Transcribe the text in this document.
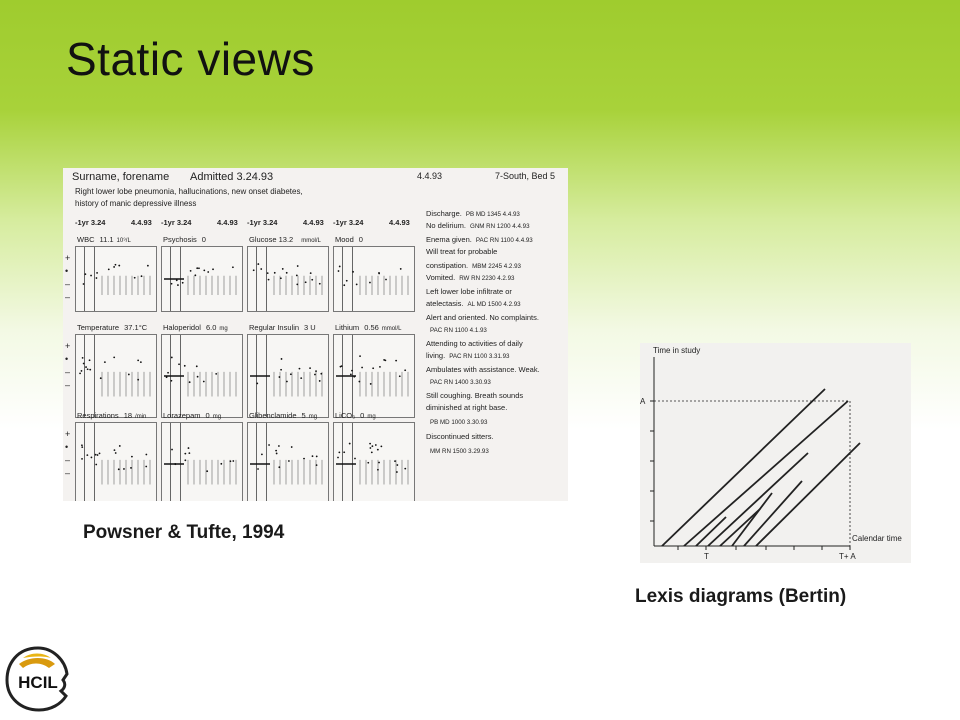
Static views
Surname, forename Admitted 3.24.93	4.4.93	7-South, Bed 5
Right lower lobe pneumonia, hallucinations, new onset diabetes,
history of manic depressive illness
-1yr 3.24	4.4.93
WBC 11.1 10⁹/L
+
•
–
–
-1yr 3.24	4.4.93
Psychosis 0
-1yr 3.24	4.4.93
Glucose 13.2 mmol/L
-1yr 3.24	4.4.93
Mood 0
Temperature 37.1°C
+
•
–
–
Haloperidol 6.0 mg	Regular Insulin 3 U	Lithium 0.56 mmol/L
Respirations 18 /min
+
•
–
–
Lorazepam 0 mg	Glibenclamide 5 mg LiCO₃ 0 mg
Discharge. PB MD 1345 4.4.93
No delirium. GNM RN 1200 4.4.93
Enema given. PAC RN 1100 4.4.93
Will treat for probable
constipation. MBM 2245 4.2.93
Vomited. RW RN 2230 4.2.93
Left lower lobe infiltrate or
atelectasis. AL MD 1500 4.2.93
Alert and oriented. No complaints.
PAC RN 1100 4.1.93
Attending to activities of daily
living. PAC RN 1100 3.31.93
Ambulates with assistance. Weak.
PAC RN 1400 3.30.93
Still coughing. Breath sounds
diminished at right base.
PB MD 1000 3.30.93
Discontinued sitters.
MM RN 1500 3.29.93
Powsner & Tufte, 1994
Time in study
A
Calendar time
T	T+ A
Lexis diagrams (Bertin)
HCIL
